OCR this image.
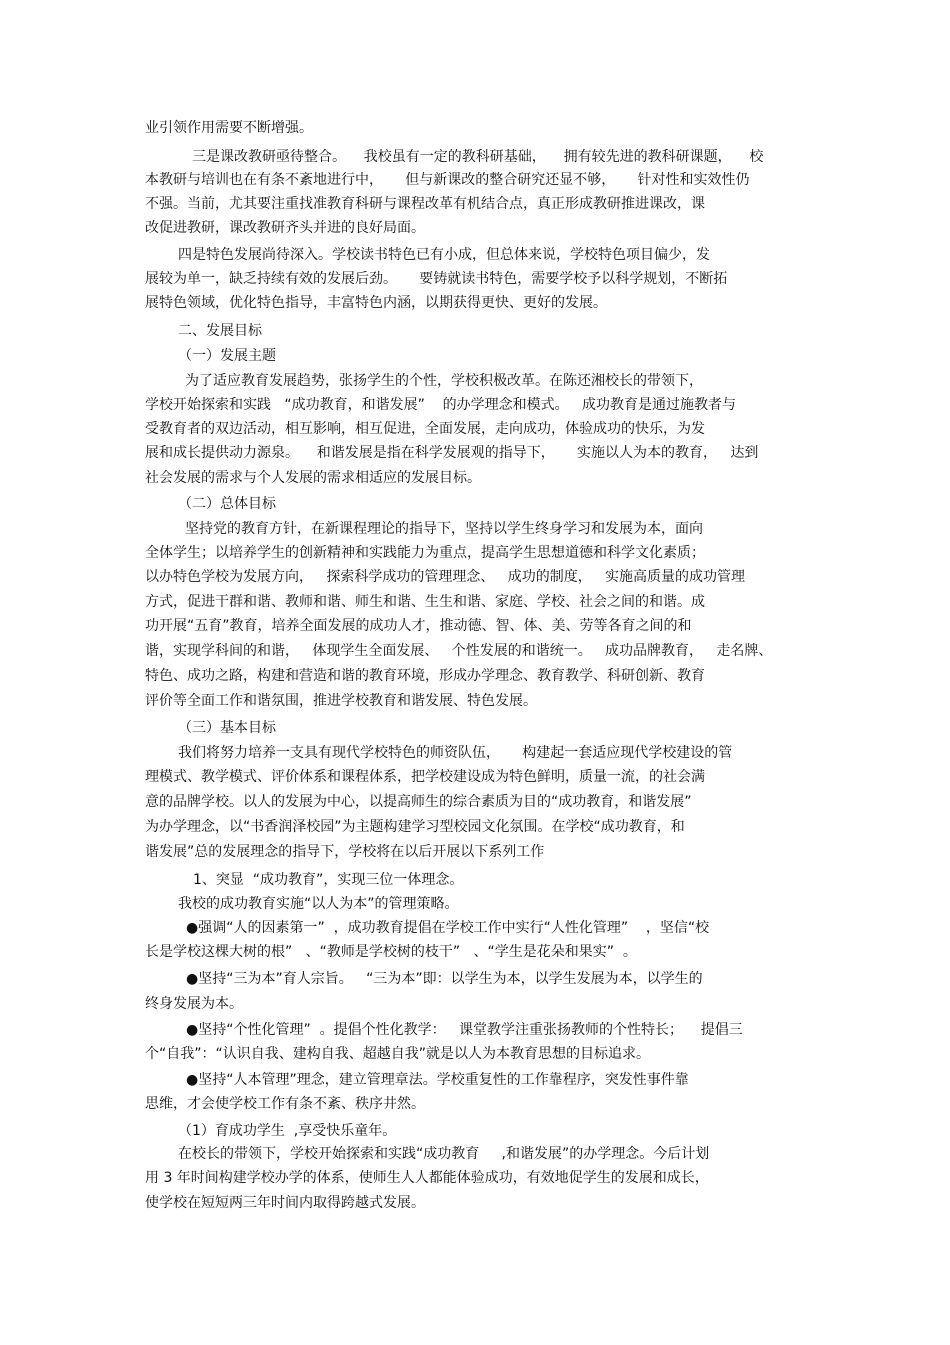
业引领作用需要不断增强。
三是课改教研亟待整合。    我校虽有一定的教科研基础，    拥有较先进的教科研课题，    校
本教研与培训也在有条不紊地进行中，     但与新课改的整合研究还显不够，     针对性和实效性仍
不强。当前，尤其要注重找准教育科研与课程改革有机结合点，真正形成教研推进课改，课
改促进教研，课改教研齐头并进的良好局面。
四是特色发展尚待深入。学校读书特色已有小成，但总体来说，学校特色项目偏少，发
展较为单一，缺乏持续有效的发展后劲。     要铸就读书特色，需要学校予以科学规划，不断拓
展特色领域，优化特色指导，丰富特色内涵，以期获得更快、更好的发展。
二、发展目标
（一）发展主题
为了适应教育发展趋势，张扬学生的个性，学校积极改革。在陈还湘校长的带领下，
学校开始探索和实践   “成功教育，和谐发展”    的办学理念和模式。   成功教育是通过施教者与
受教育者的双边活动，相互影响，相互促进，全面发展，走向成功，体验成功的快乐，为发
展和成长提供动力源泉。    和谐发展是指在科学发展观的指导下，     实施以人为本的教育，   达到
社会发展的需求与个人发展的需求相适应的发展目标。
（二）总体目标
坚持党的教育方针，在新课程理论的指导下，坚持以学生终身学习和发展为本，面向
全体学生；以培养学生的创新精神和实践能力为重点，提高学生思想道德和科学文化素质；
以办特色学校为发展方向，   探索科学成功的管理理念、   成功的制度，   实施高质量的成功管理
方式，促进干群和谐、教师和谐、师生和谐、生生和谐、家庭、学校、社会之间的和谐。成
功开展“五育”教育，培养全面发展的成功人才，推动德、智、体、美、劳等各育之间的和
谐，实现学科间的和谐，   体现学生全面发展、   个性发展的和谐统一。   成功品牌教育，   走名牌、
特色、成功之路，构建和营造和谐的教育环境，形成办学理念、教育教学、科研创新、教育
评价等全面工作和谐氛围，推进学校教育和谐发展、特色发展。
（三）基本目标
我们将努力培养一支具有现代学校特色的师资队伍，     构建起一套适应现代学校建设的管
理模式、教学模式、评价体系和课程体系，把学校建设成为特色鲜明，质量一流，的社会满
意的品牌学校。以人的发展为中心，以提高师生的综合素质为目的“成功教育，和谐发展”
为办学理念，以“书香润泽校园”为主题构建学习型校园文化氛围。在学校“成功教育，和
谐发展”总的发展理念的指导下，学校将在以后开展以下系列工作
1、突显  “成功教育”，实现三位一体理念。
我校的成功教育实施“以人为本”的管理策略。
●强调“人的因素第一”  ，成功教育提倡在学校工作中实行“人性化管理”    ，坚信“校
长是学校这棵大树的根”   、“教师是学校树的枝干”   、“学生是花朵和果实”  。
●坚持“三为本”育人宗旨。   “三为本”即：以学生为本，以学生发展为本，以学生的
终身发展为本。
●坚持“个性化管理”  。提倡个性化教学：   课堂教学注重张扬教师的个性特长；    提倡三
个“自我”：“认识自我、建构自我、超越自我”就是以人为本教育思想的目标追求。
●坚持“人本管理”理念，建立管理章法。学校重复性的工作靠程序，突发性事件靠
思维，才会使学校工作有条不紊、秩序井然。
（1）育成功学生  ,享受快乐童年。
在校长的带领下，学校开始探索和实践“成功教育     ,和谐发展”的办学理念。今后计划
用 3 年时间构建学校办学的体系，使师生人人都能体验成功，有效地促学生的发展和成长，
使学校在短短两三年时间内取得跨越式发展。
